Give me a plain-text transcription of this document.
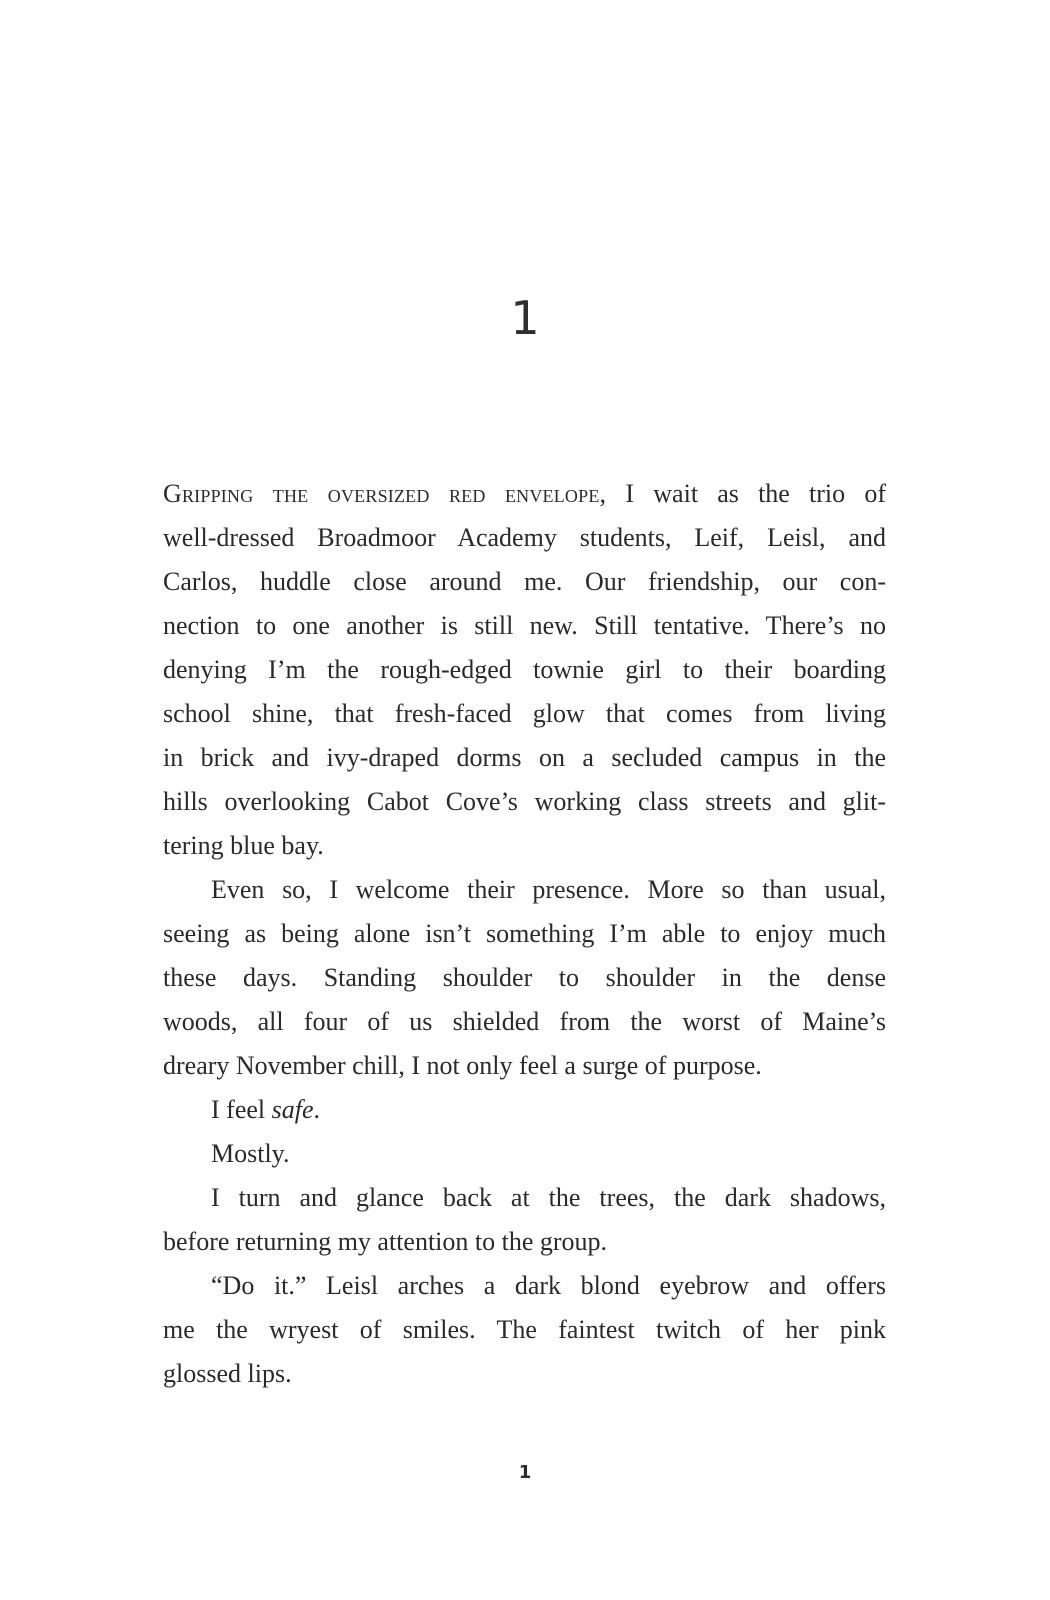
1
Gripping the oversized red envelope, I wait as the trio of
well-dressed Broadmoor Academy students, Leif, Leisl, and
Carlos, huddle close around me. Our friendship, our con-
nection to one another is still new. Still tentative. There’s no
denying I’m the rough-edged townie girl to their boarding
school shine, that fresh-faced glow that comes from living
in brick and ivy-draped dorms on a secluded campus in the
hills overlooking Cabot Cove’s working class streets and glit-
tering blue bay.
Even so, I welcome their presence. More so than usual,
seeing as being alone isn’t something I’m able to enjoy much
these days. Standing shoulder to shoulder in the dense
woods, all four of us shielded from the worst of Maine’s
dreary November chill, I not only feel a surge of purpose.
I feel safe.
Mostly.
I turn and glance back at the trees, the dark shadows,
before returning my attention to the group.
“Do it.” Leisl arches a dark blond eyebrow and offers
me the wryest of smiles. The faintest twitch of her pink
glossed lips.
1
